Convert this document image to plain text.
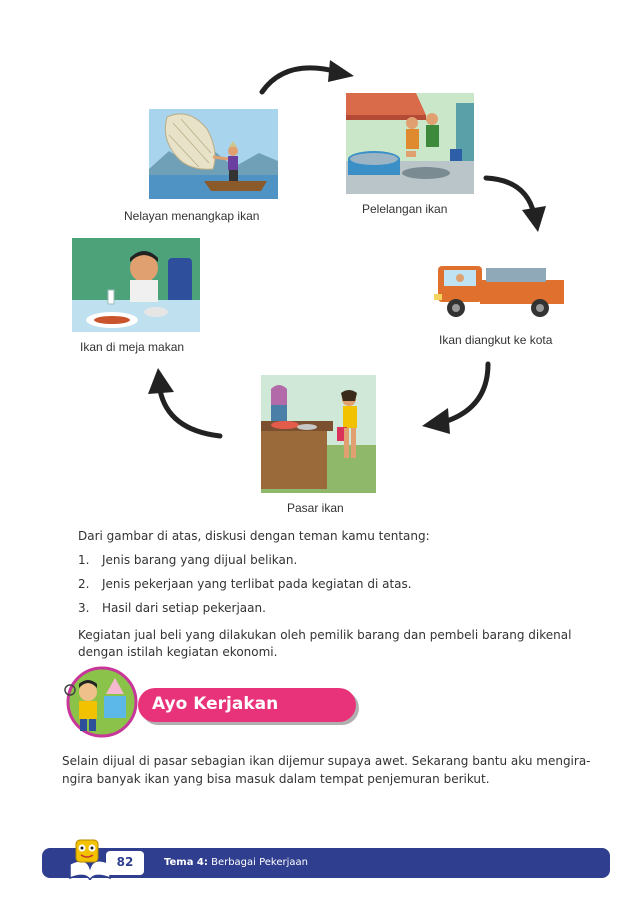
Nelayan menangkap ikan	Pelelangan ikan
Ikan diangkut ke kota
Pasar ikan
Ikan di meja makan
Dari gambar di atas, diskusi dengan teman kamu tentang:
1. Jenis barang yang dijual belikan.
2. Jenis pekerjaan yang terlibat pada kegiatan di atas.
3. Hasil dari setiap pekerjaan.
Kegiatan jual beli yang dilakukan oleh pemilik barang dan pembeli barang dikenal
dengan istilah kegiatan ekonomi.
Ayo Kerjakan
Selain dijual di pasar sebagian ikan dijemur supaya awet. Sekarang bantu aku mengira-
ngira banyak ikan yang bisa masuk dalam tempat penjemuran berikut.
82	Tema 4: Berbagai Pekerjaan
